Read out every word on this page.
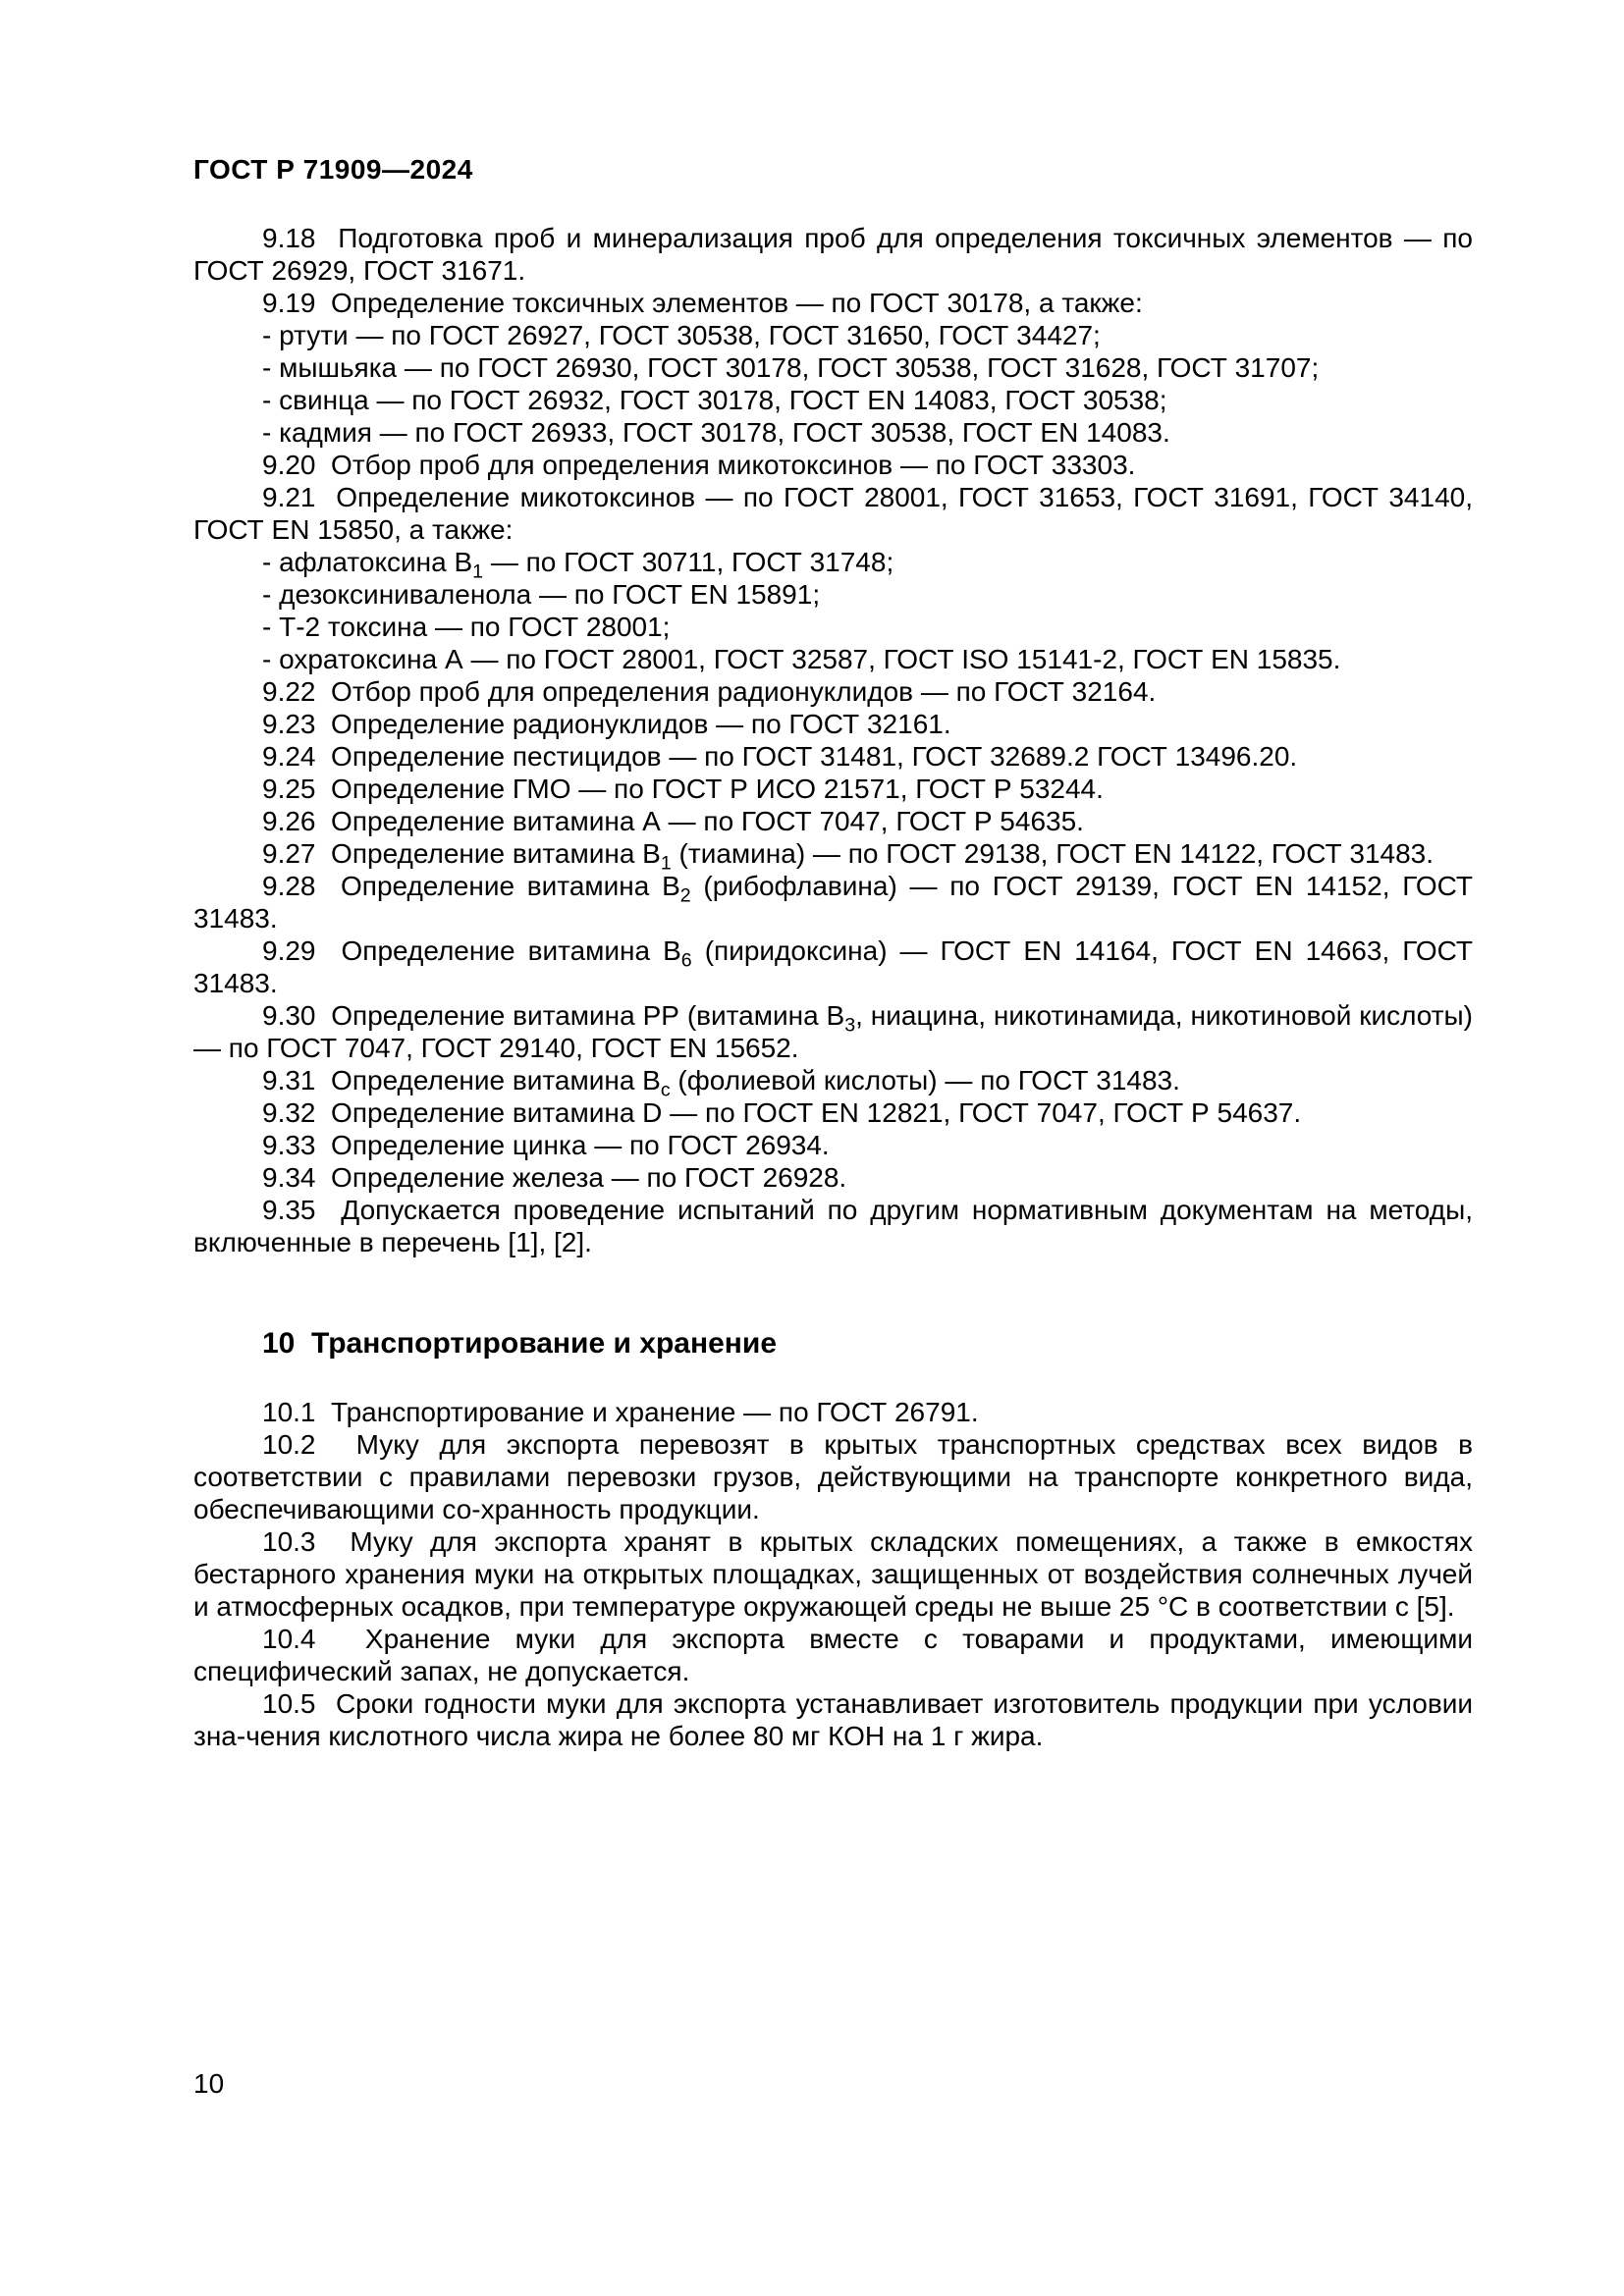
ГОСТ Р 71909—2024

9.18  Подготовка проб и минерализация проб для определения токсичных элементов — по ГОСТ 26929, ГОСТ 31671.

9.19  Определение токсичных элементов — по ГОСТ 30178, а также:

- ртути — по ГОСТ 26927, ГОСТ 30538, ГОСТ 31650, ГОСТ 34427;

- мышьяка — по ГОСТ 26930, ГОСТ 30178, ГОСТ 30538, ГОСТ 31628, ГОСТ 31707;

- свинца — по ГОСТ 26932, ГОСТ 30178, ГОСТ EN 14083, ГОСТ 30538;

- кадмия — по ГОСТ 26933, ГОСТ 30178, ГОСТ 30538, ГОСТ EN 14083.

9.20  Отбор проб для определения микотоксинов — по ГОСТ 33303.

9.21  Определение микотоксинов — по ГОСТ 28001, ГОСТ 31653, ГОСТ 31691, ГОСТ 34140, ГОСТ EN 15850, а также:

- афлатоксина $В_1$ — по ГОСТ 30711, ГОСТ 31748;

- дезоксиниваленола — по ГОСТ EN 15891;

- Т-2 токсина — по ГОСТ 28001;

- охратоксина А — по ГОСТ 28001, ГОСТ 32587, ГОСТ ISO 15141-2, ГОСТ EN 15835.

9.22  Отбор проб для определения радионуклидов — по ГОСТ 32164.

9.23  Определение радионуклидов — по ГОСТ 32161.

9.24  Определение пестицидов — по ГОСТ 31481, ГОСТ 32689.2 ГОСТ 13496.20.

9.25  Определение ГМО — по ГОСТ Р ИСО 21571, ГОСТ Р 53244.

9.26  Определение витамина А — по ГОСТ 7047, ГОСТ Р 54635.

9.27  Определение витамина $В_1$ (тиамина) — по ГОСТ 29138, ГОСТ EN 14122, ГОСТ 31483.

9.28  Определение витамина $В_2$ (рибофлавина) — по ГОСТ 29139, ГОСТ EN 14152, ГОСТ 31483.

9.29  Определение витамина $В_6$ (пиридоксина) — ГОСТ EN 14164, ГОСТ EN 14663, ГОСТ 31483.

9.30  Определение витамина РР (витамина $В_3$, ниацина, никотинамида, никотиновой кислоты) — по ГОСТ 7047, ГОСТ 29140, ГОСТ EN 15652.

9.31  Определение витамина $В_с$ (фолиевой кислоты) — по ГОСТ 31483.

9.32  Определение витамина D — по ГОСТ EN 12821, ГОСТ 7047, ГОСТ Р 54637.

9.33  Определение цинка — по ГОСТ 26934.

9.34  Определение железа — по ГОСТ 26928.

9.35  Допускается проведение испытаний по другим нормативным документам на методы, включенные в перечень [1], [2].

10  Транспортирование и хранение

10.1  Транспортирование и хранение — по ГОСТ 26791.

10.2  Муку для экспорта перевозят в крытых транспортных средствах всех видов в соответствии с правилами перевозки грузов, действующими на транспорте конкретного вида, обеспечивающими со-хранность продукции.

10.3  Муку для экспорта хранят в крытых складских помещениях, а также в емкостях бестарного хранения муки на открытых площадках, защищенных от воздействия солнечных лучей и атмосферных осадков, при температуре окружающей среды не выше 25 °С в соответствии с [5].

10.4  Хранение муки для экспорта вместе с товарами и продуктами, имеющими специфический запах, не допускается.

10.5  Сроки годности муки для экспорта устанавливает изготовитель продукции при условии зна-чения кислотного числа жира не более 80 мг КОН на 1 г жира.

10
